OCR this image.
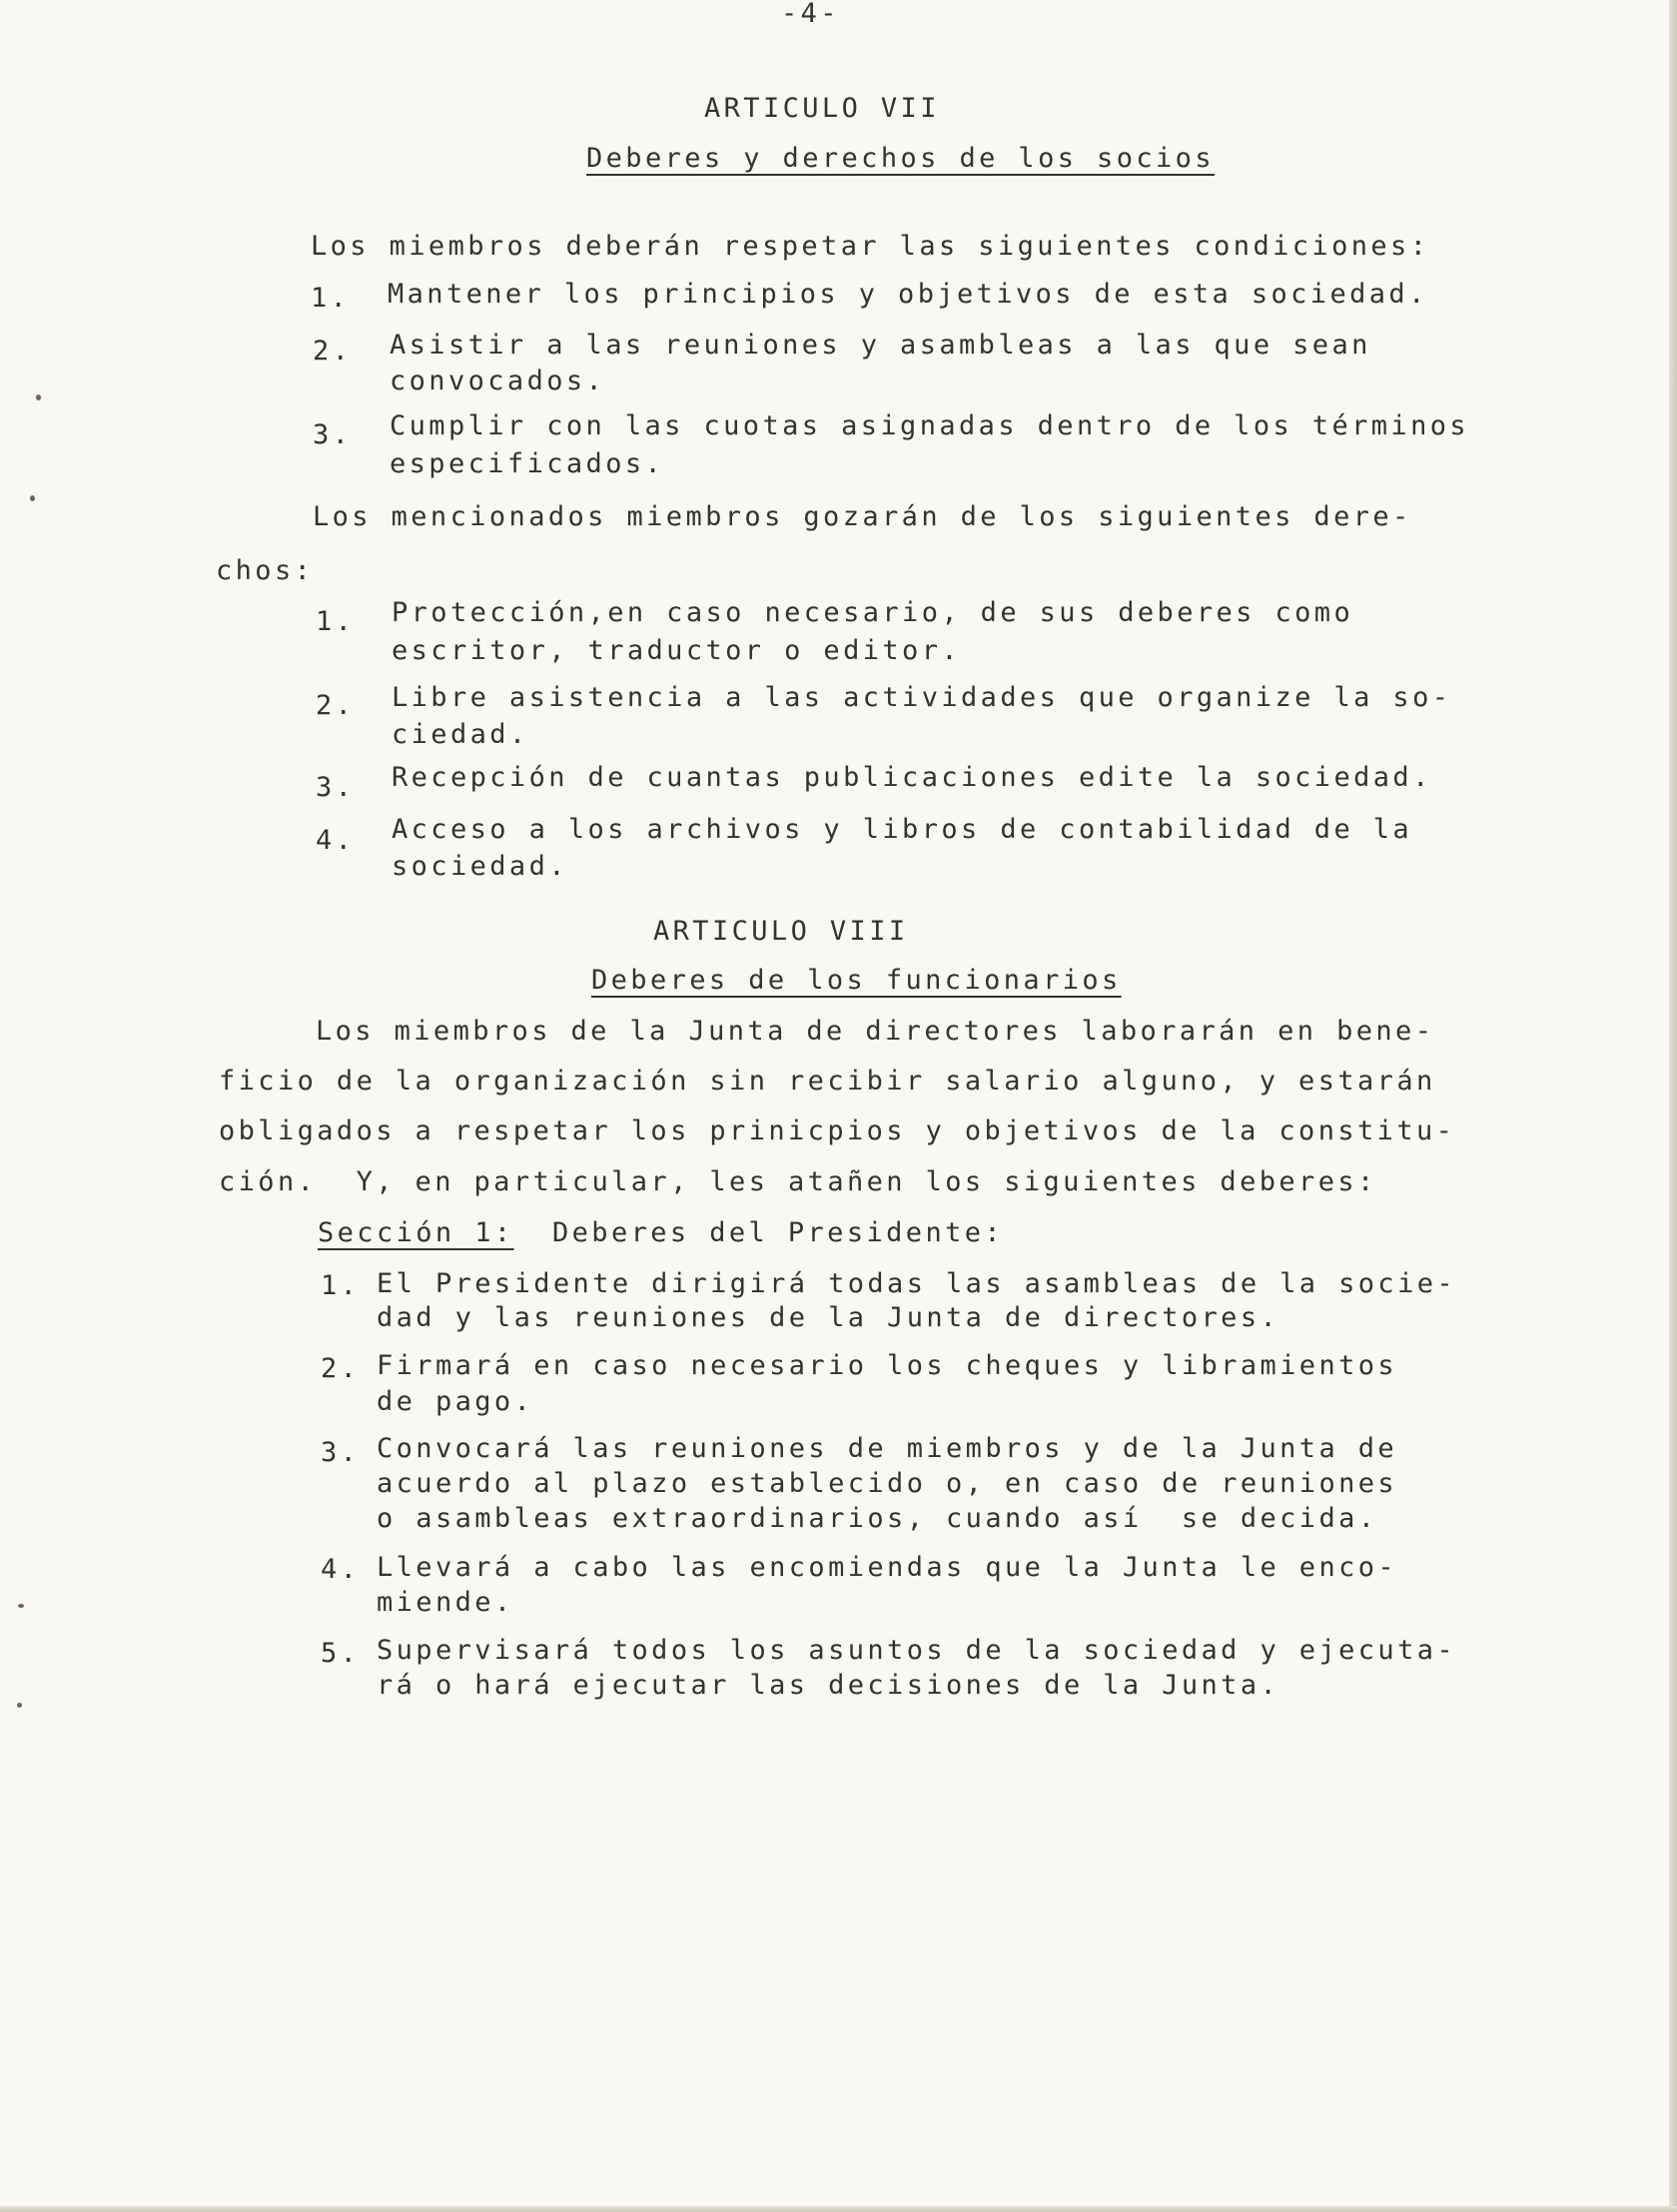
-4-
ARTICULO VII
Deberes y derechos de los socios
Los miembros deberán respetar las siguientes condiciones:
1. Mantener los principios y objetivos de esta sociedad.
2. Asistir a las reuniones y asambleas a las que sean
convocados.
3. Cumplir con las cuotas asignadas dentro de los términos
especificados.
Los mencionados miembros gozarán de los siguientes dere-
chos:
1. Protección,en caso necesario, de sus deberes como
escritor, traductor o editor.
2. Libre asistencia a las actividades que organize la so-
ciedad.
3. Recepción de cuantas publicaciones edite la sociedad.
4. Acceso a los archivos y libros de contabilidad de la
sociedad.
ARTICULO VIII
Deberes de los funcionarios
Los miembros de la Junta de directores laborarán en bene-
ficio de la organización sin recibir salario alguno, y estarán
obligados a respetar los prinicpios y objetivos de la constitu-
ción.  Y, en particular, les atañen los siguientes deberes:
Sección 1: Deberes del Presidente:
1. El Presidente dirigirá todas las asambleas de la socie-
dad y las reuniones de la Junta de directores.
2. Firmará en caso necesario los cheques y libramientos
de pago.
3. Convocará las reuniones de miembros y de la Junta de
acuerdo al plazo establecido o, en caso de reuniones
o asambleas extraordinarios, cuando así  se decida.
4. Llevará a cabo las encomiendas que la Junta le enco-
miende.
5. Supervisará todos los asuntos de la sociedad y ejecuta-
rá o hará ejecutar las decisiones de la Junta.
